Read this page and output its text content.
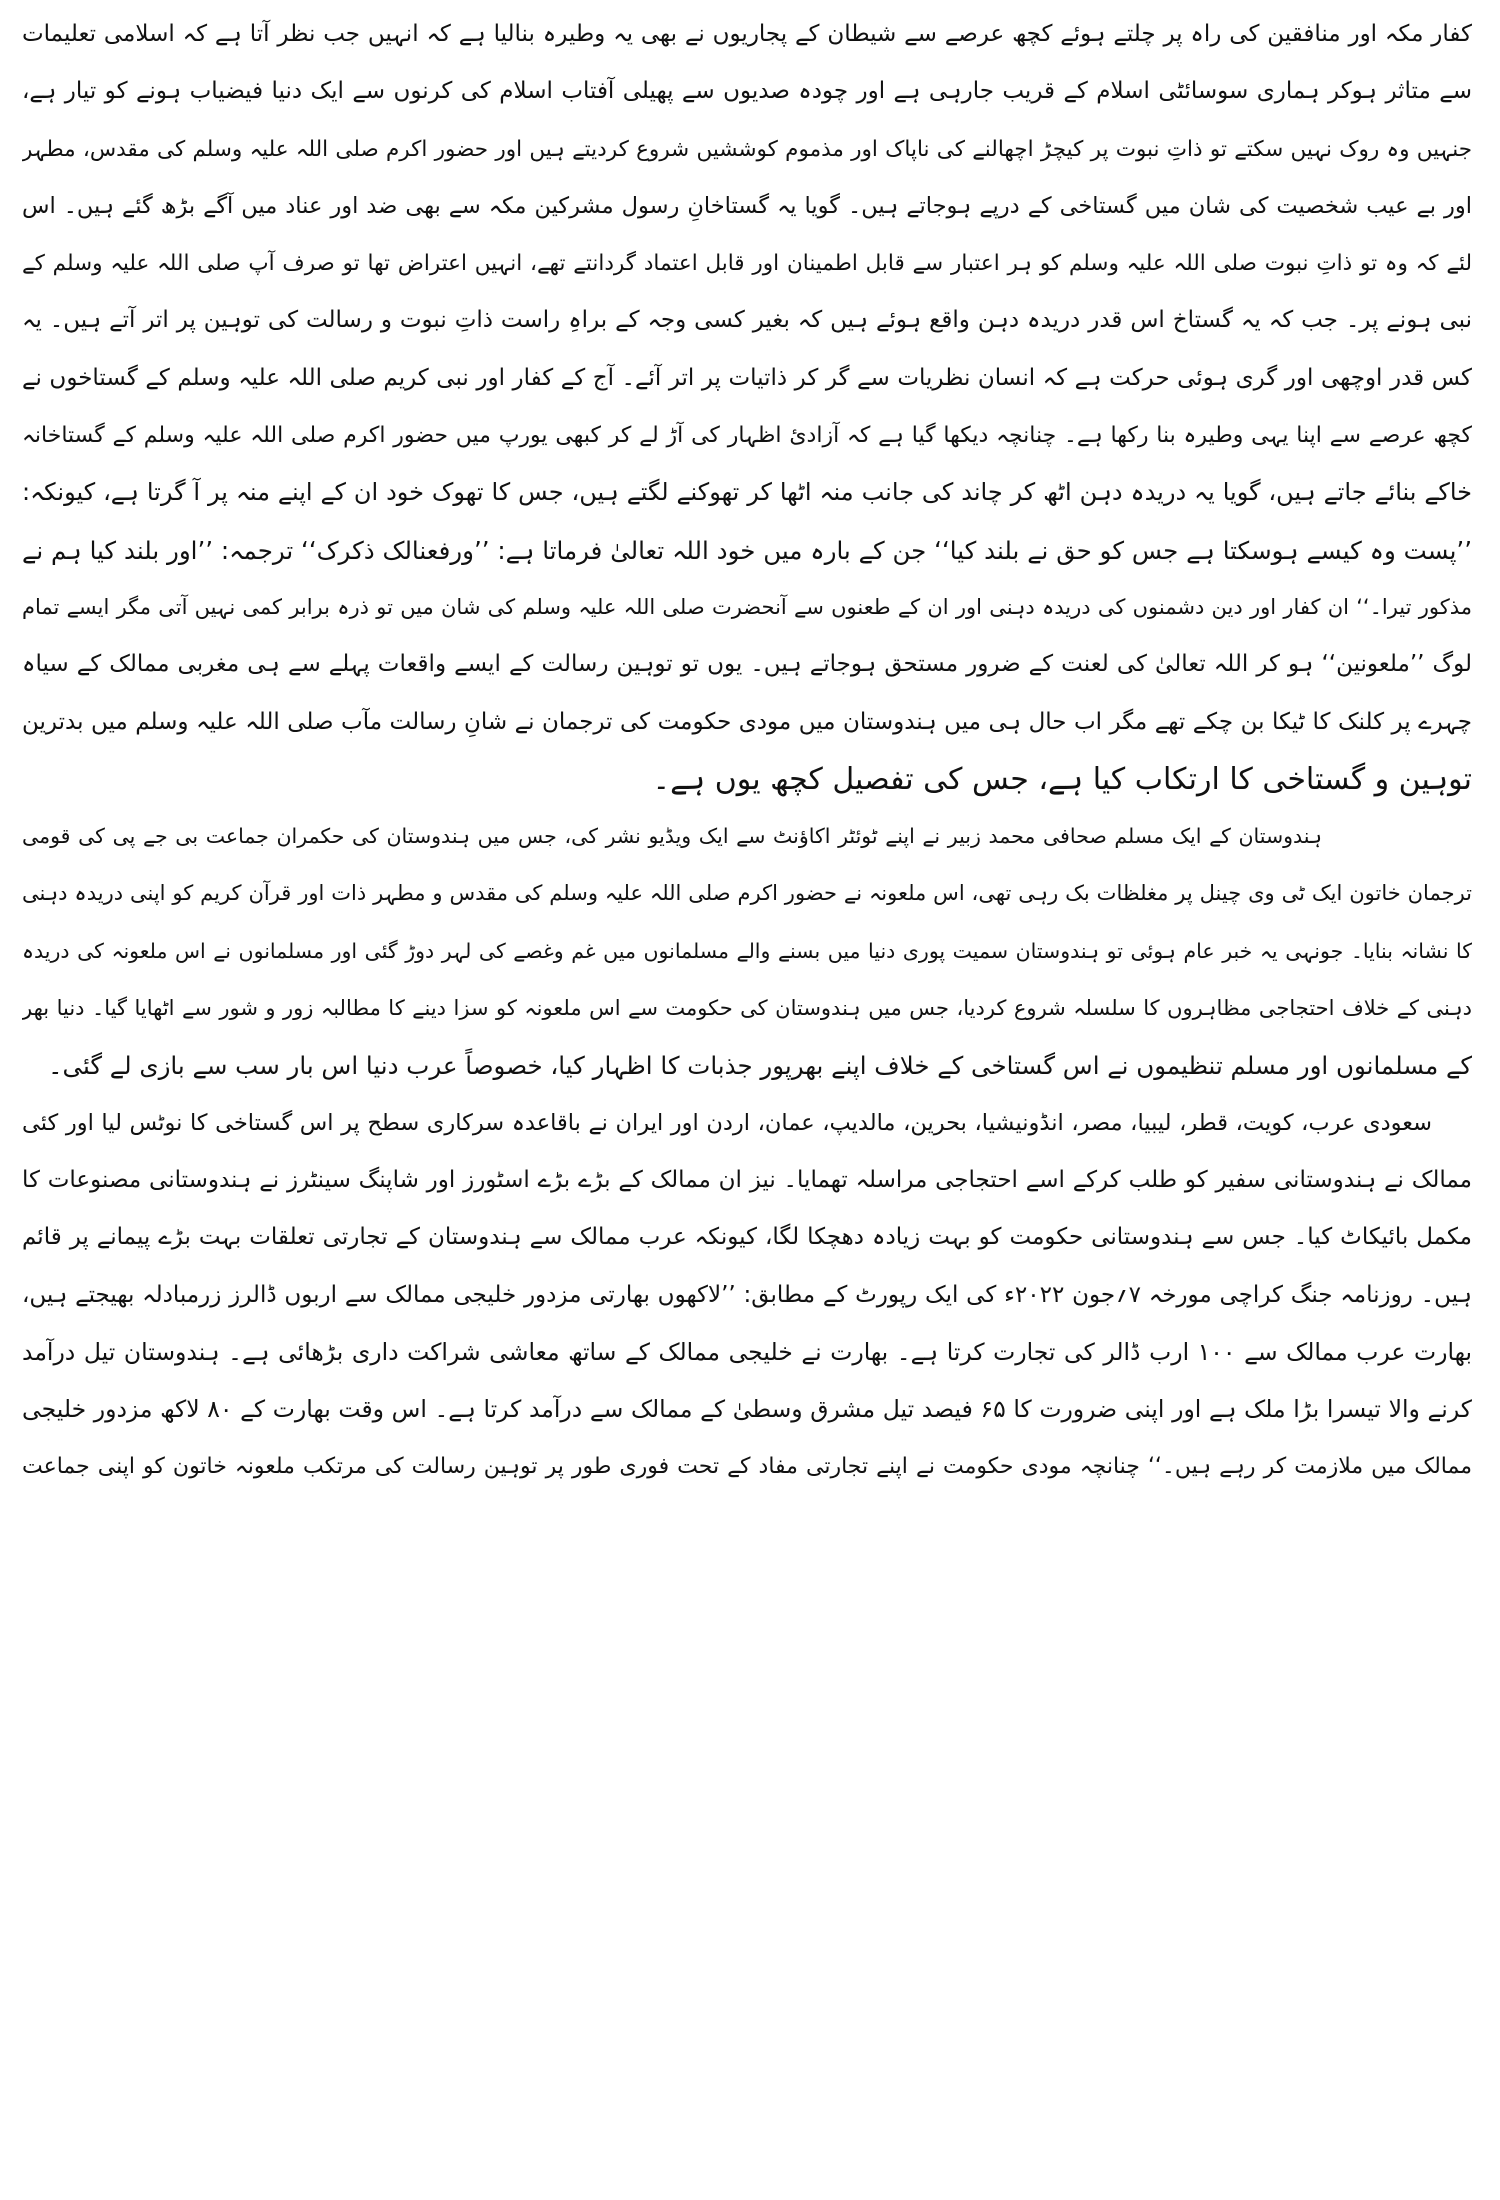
کفار مکہ اور منافقین کی راہ پر چلتے ہوئے کچھ عرصے سے شیطان کے پجاریوں نے بھی یہ وطیرہ بنالیا ہے کہ انہیں جب نظر آتا ہے کہ اسلامی تعلیمات
سے متاثر ہوکر ہماری سوسائٹی اسلام کے قریب جارہی ہے اور چودہ صدیوں سے پھیلی آفتاب اسلام کی کرنوں سے ایک دنیا فیضیاب ہونے کو تیار ہے،
جنہیں وہ روک نہیں سکتے تو ذاتِ نبوت پر کیچڑ اچھالنے کی ناپاک اور مذموم کوششیں شروع کردیتے ہیں اور حضور اکرم صلی اللہ علیہ وسلم کی مقدس، مطہر
اور بے عیب شخصیت کی شان میں گستاخی کے درپے ہوجاتے ہیں۔ گویا یہ گستاخانِ رسول مشرکین مکہ سے بھی ضد اور عناد میں آگے بڑھ گئے ہیں۔ اس
لئے کہ وہ تو ذاتِ نبوت صلی اللہ علیہ وسلم کو ہر اعتبار سے قابل اطمینان اور قابل اعتماد گردانتے تھے، انہیں اعتراض تھا تو صرف آپ صلی اللہ علیہ وسلم کے
نبی ہونے پر۔ جب کہ یہ گستاخ اس قدر دریدہ دہن واقع ہوئے ہیں کہ بغیر کسی وجہ کے براہِ راست ذاتِ نبوت و رسالت کی توہین پر اتر آتے ہیں۔ یہ
کس قدر اوچھی اور گری ہوئی حرکت ہے کہ انسان نظریات سے گر کر ذاتیات پر اتر آئے۔ آج کے کفار اور نبی کریم صلی اللہ علیہ وسلم کے گستاخوں نے
کچھ عرصے سے اپنا یہی وطیرہ بنا رکھا ہے۔ چنانچہ دیکھا گیا ہے کہ آزادیٔ اظہار کی آڑ لے کر کبھی یورپ میں حضور اکرم صلی اللہ علیہ وسلم کے گستاخانہ
خاکے بنائے جاتے ہیں، گویا یہ دریدہ دہن اٹھ کر چاند کی جانب منہ اٹھا کر تھوکنے لگتے ہیں، جس کا تھوک خود ان کے اپنے منہ پر آ گرتا ہے، کیونکہ:
’’پست وہ کیسے ہوسکتا ہے جس کو حق نے بلند کیا‘‘ جن کے بارہ میں خود اللہ تعالیٰ فرماتا ہے: ’’ورفعنالک ذکرک‘‘ ترجمہ: ’’اور بلند کیا ہم نے
مذکور تیرا۔‘‘ ان کفار اور دین دشمنوں کی دریدہ دہنی اور ان کے طعنوں سے آنحضرت صلی اللہ علیہ وسلم کی شان میں تو ذرہ برابر کمی نہیں آتی مگر ایسے تمام
لوگ ’’ملعونین‘‘ ہو کر اللہ تعالیٰ کی لعنت کے ضرور مستحق ہوجاتے ہیں۔ یوں تو توہین رسالت کے ایسے واقعات پہلے سے ہی مغربی ممالک کے سیاہ
چہرے پر کلنک کا ٹیکا بن چکے تھے مگر اب حال ہی میں ہندوستان میں مودی حکومت کی ترجمان نے شانِ رسالت مآب صلی اللہ علیہ وسلم میں بدترین
توہین و گستاخی کا ارتکاب کیا ہے، جس کی تفصیل کچھ یوں ہے۔
ہندوستان کے ایک مسلم صحافی محمد زبیر نے اپنے ٹوئٹر اکاؤنٹ سے ایک ویڈیو نشر کی، جس میں ہندوستان کی حکمران جماعت بی جے پی کی قومی
ترجمان خاتون ایک ٹی وی چینل پر مغلظات بک رہی تھی، اس ملعونہ نے حضور اکرم صلی اللہ علیہ وسلم کی مقدس و مطہر ذات اور قرآن کریم کو اپنی دریدہ دہنی
کا نشانہ بنایا۔ جونہی یہ خبر عام ہوئی تو ہندوستان سمیت پوری دنیا میں بسنے والے مسلمانوں میں غم وغصے کی لہر دوڑ گئی اور مسلمانوں نے اس ملعونہ کی دریدہ
دہنی کے خلاف احتجاجی مظاہروں کا سلسلہ شروع کردیا، جس میں ہندوستان کی حکومت سے اس ملعونہ کو سزا دینے کا مطالبہ زور و شور سے اٹھایا گیا۔ دنیا بھر
کے مسلمانوں اور مسلم تنظیموں نے اس گستاخی کے خلاف اپنے بھرپور جذبات کا اظہار کیا، خصوصاً عرب دنیا اس بار سب سے بازی لے گئی۔
سعودی عرب، کویت، قطر، لیبیا، مصر، انڈونیشیا، بحرین، مالدیپ، عمان، اردن اور ایران نے باقاعدہ سرکاری سطح پر اس گستاخی کا نوٹس لیا اور کئی
ممالک نے ہندوستانی سفیر کو طلب کرکے اسے احتجاجی مراسلہ تھمایا۔ نیز ان ممالک کے بڑے بڑے اسٹورز اور شاپنگ سینٹرز نے ہندوستانی مصنوعات کا
مکمل بائیکاٹ کیا۔ جس سے ہندوستانی حکومت کو بہت زیادہ دھچکا لگا، کیونکہ عرب ممالک سے ہندوستان کے تجارتی تعلقات بہت بڑے پیمانے پر قائم
ہیں۔ روزنامہ جنگ کراچی مورخہ ۷؍جون ۲۰۲۲ء کی ایک رپورٹ کے مطابق: ’’لاکھوں بھارتی مزدور خلیجی ممالک سے اربوں ڈالرز زرمبادلہ بھیجتے ہیں،
بھارت عرب ممالک سے ۱۰۰ ارب ڈالر کی تجارت کرتا ہے۔ بھارت نے خلیجی ممالک کے ساتھ معاشی شراکت داری بڑھائی ہے۔ ہندوستان تیل درآمد
کرنے والا تیسرا بڑا ملک ہے اور اپنی ضرورت کا ۶۵ فیصد تیل مشرق وسطیٰ کے ممالک سے درآمد کرتا ہے۔ اس وقت بھارت کے ۸۰ لاکھ مزدور خلیجی
ممالک میں ملازمت کر رہے ہیں۔‘‘ چنانچہ مودی حکومت نے اپنے تجارتی مفاد کے تحت فوری طور پر توہین رسالت کی مرتکب ملعونہ خاتون کو اپنی جماعت
